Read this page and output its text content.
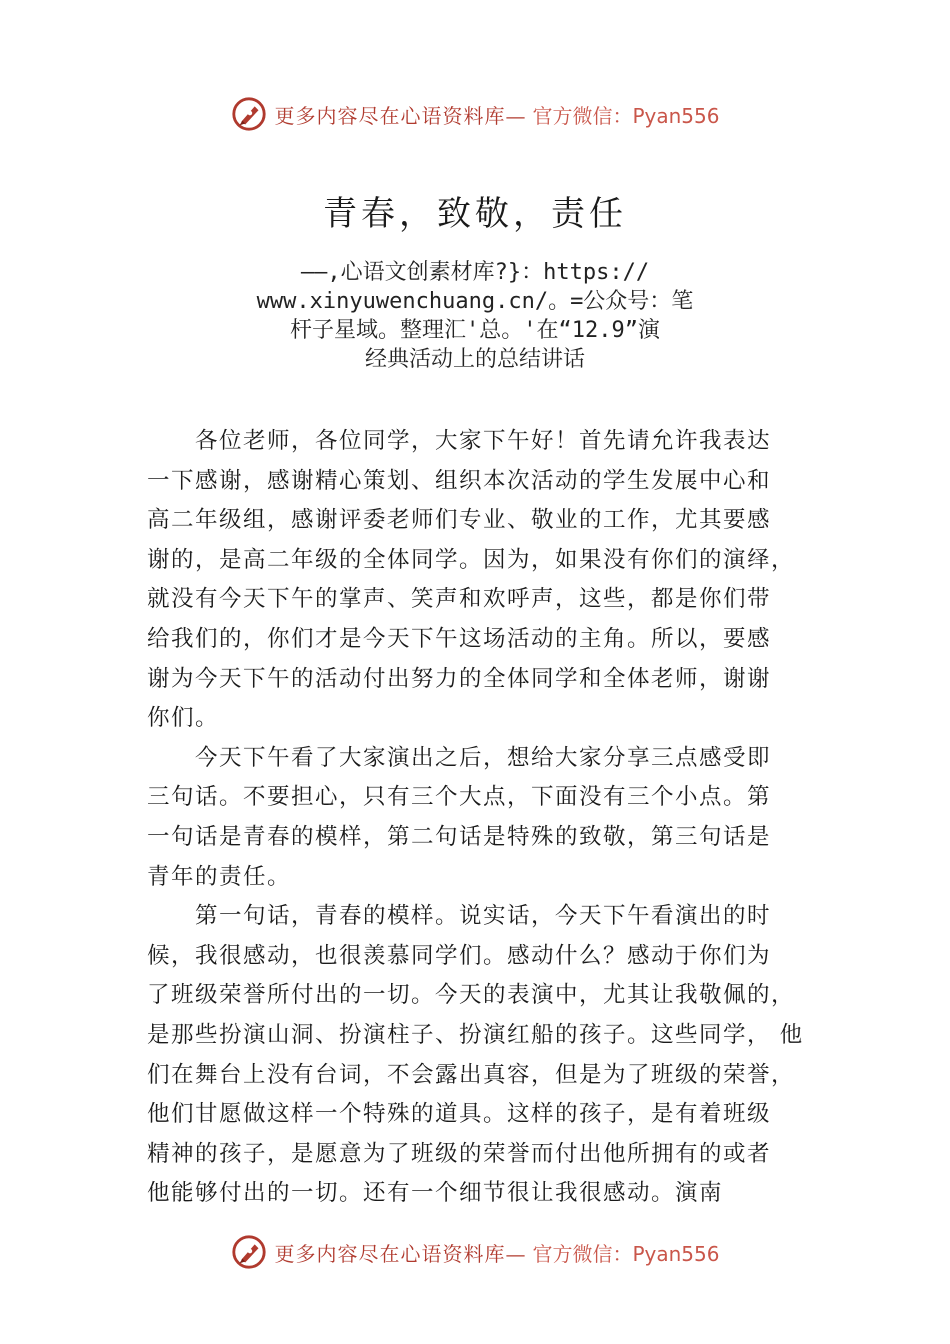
更多内容尽在心语资料库— 官方微信：Pyan556
青春，致敬，责任
——,心语文创素材库?}：https://
www.xinyuwenchuang.cn/。=公众号：笔
杆子星域。整理汇'总。'在“12.9”演
经典活动上的总结讲话
各位老师，各位同学，大家下午好！首先请允许我表达
一下感谢，感谢精心策划、组织本次活动的学生发展中心和
高二年级组，感谢评委老师们专业、敬业的工作，尤其要感
谢的，是高二年级的全体同学。因为，如果没有你们的演绎，
就没有今天下午的掌声、笑声和欢呼声，这些，都是你们带
给我们的，你们才是今天下午这场活动的主角。所以，要感
谢为今天下午的活动付出努力的全体同学和全体老师，谢谢
你们。
今天下午看了大家演出之后，想给大家分享三点感受即
三句话。不要担心，只有三个大点，下面没有三个小点。第
一句话是青春的模样，第二句话是特殊的致敬，第三句话是
青年的责任。
第一句话，青春的模样。说实话，今天下午看演出的时
候，我很感动，也很羡慕同学们。感动什么？感动于你们为
了班级荣誉所付出的一切。今天的表演中，尤其让我敬佩的，
是那些扮演山洞、扮演柱子、扮演红船的孩子。这些同学， 他
们在舞台上没有台词，不会露出真容，但是为了班级的荣誉，
他们甘愿做这样一个特殊的道具。这样的孩子，是有着班级
精神的孩子，是愿意为了班级的荣誉而付出他所拥有的或者
他能够付出的一切。还有一个细节很让我很感动。演南
更多内容尽在心语资料库— 官方微信：Pyan556
